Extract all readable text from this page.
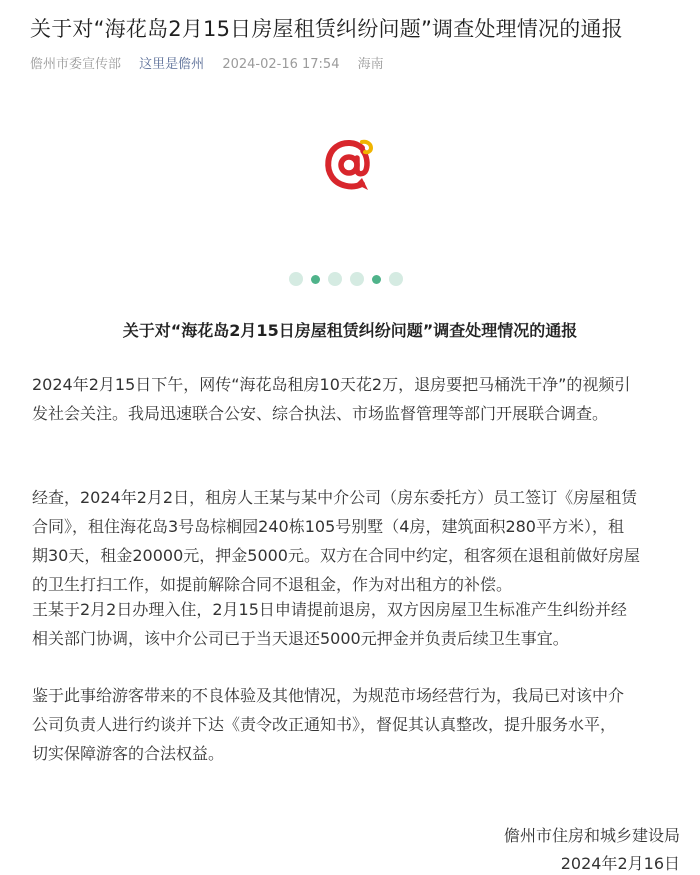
关于对“海花岛2月15日房屋租赁纠纷问题”调查处理情况的通报
儋州市委宣传部 这里是儋州 2024-02-16 17:54 海南
关于对“海花岛2月15日房屋租赁纠纷问题”调查处理情况的通报
2024年2月15日下午，网传“海花岛租房10天花2万，退房要把马桶洗干净”的视频引
发社会关注。我局迅速联合公安、综合执法、市场监督管理等部门开展联合调查。
经查，2024年2月2日，租房人王某与某中介公司（房东委托方）员工签订《房屋租赁
合同》，租住海花岛3号岛棕榈园240栋105号别墅（4房，建筑面积280平方米），租
期30天，租金20000元，押金5000元。双方在合同中约定，租客须在退租前做好房屋
的卫生打扫工作，如提前解除合同不退租金，作为对出租方的补偿。
王某于2月2日办理入住，2月15日申请提前退房，双方因房屋卫生标准产生纠纷并经
相关部门协调，该中介公司已于当天退还5000元押金并负责后续卫生事宜。
鉴于此事给游客带来的不良体验及其他情况，为规范市场经营行为，我局已对该中介
公司负责人进行约谈并下达《责令改正通知书》，督促其认真整改，提升服务水平，
切实保障游客的合法权益。
儋州市住房和城乡建设局
2024年2月16日
